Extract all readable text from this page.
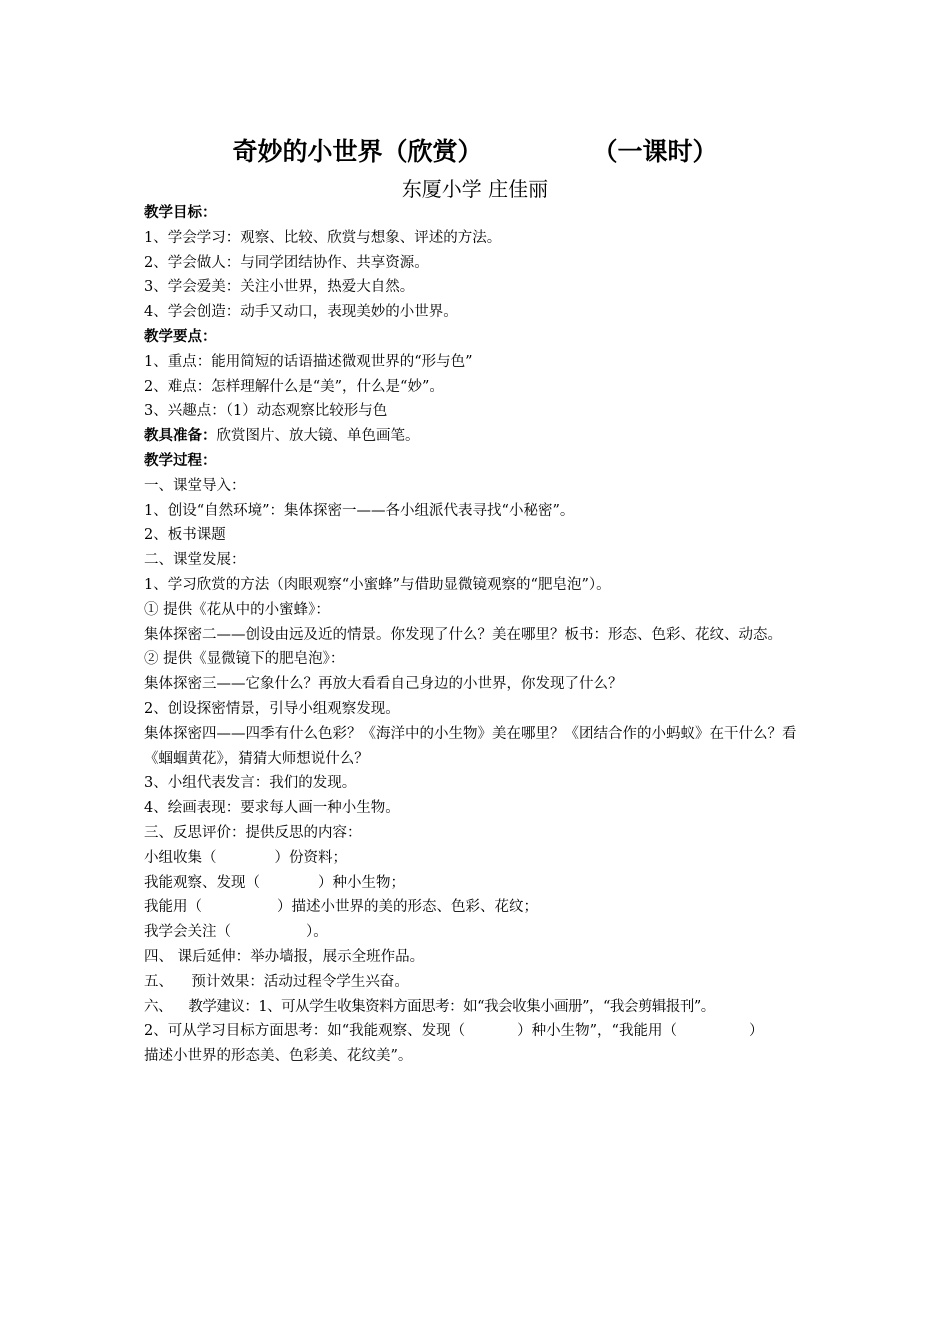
奇妙的小世界（欣赏）	（一课时）
东厦小学 庄佳丽
教学目标：
1、学会学习：观察、比较、欣赏与想象、评述的方法。
2、学会做人：与同学团结协作、共享资源。
3、学会爱美：关注小世界，热爱大自然。
4、学会创造：动手又动口，表现美妙的小世界。
教学要点：
1、重点：能用简短的话语描述微观世界的“形与色”
2、难点：怎样理解什么是“美”，什么是“妙”。
3、兴趣点：（1）动态观察比较形与色
教具准备：欣赏图片、放大镜、单色画笔。
教学过程：
一、课堂导入：
1、创设“自然环境”：集体探密一——各小组派代表寻找“小秘密”。
2、板书课题
二、课堂发展：
1、学习欣赏的方法（肉眼观察“小蜜蜂”与借助显微镜观察的“肥皂泡”）。
① 提供《花从中的小蜜蜂》：
集体探密二——创设由远及近的情景。你发现了什么？美在哪里？板书：形态、色彩、花纹、动态。
② 提供《显微镜下的肥皂泡》：
集体探密三——它象什么？再放大看看自己身边的小世界，你发现了什么？
2、创设探密情景，引导小组观察发现。
集体探密四——四季有什么色彩？《海洋中的小生物》美在哪里？《团结合作的小蚂蚁》在干什么？看《蝈蝈黄花》，猜猜大师想说什么？
3、小组代表发言：我们的发现。
4、绘画表现：要求每人画一种小生物。
三、反思评价：提供反思的内容：
小组收集（	）份资料；
我能观察、发现（	）种小生物；
我能用（	）描述小世界的美的形态、色彩、花纹；
我学会关注（	）。
四、 课后延伸：举办墙报，展示全班作品。
五、    预计效果：活动过程令学生兴奋。
六、    教学建议：1、可从学生收集资料方面思考：如“我会收集小画册”，“我会剪辑报刊”。
2、可从学习目标方面思考：如“我能观察、发现（	）种小生物”，“我能用（	）
描述小世界的形态美、色彩美、花纹美”。
